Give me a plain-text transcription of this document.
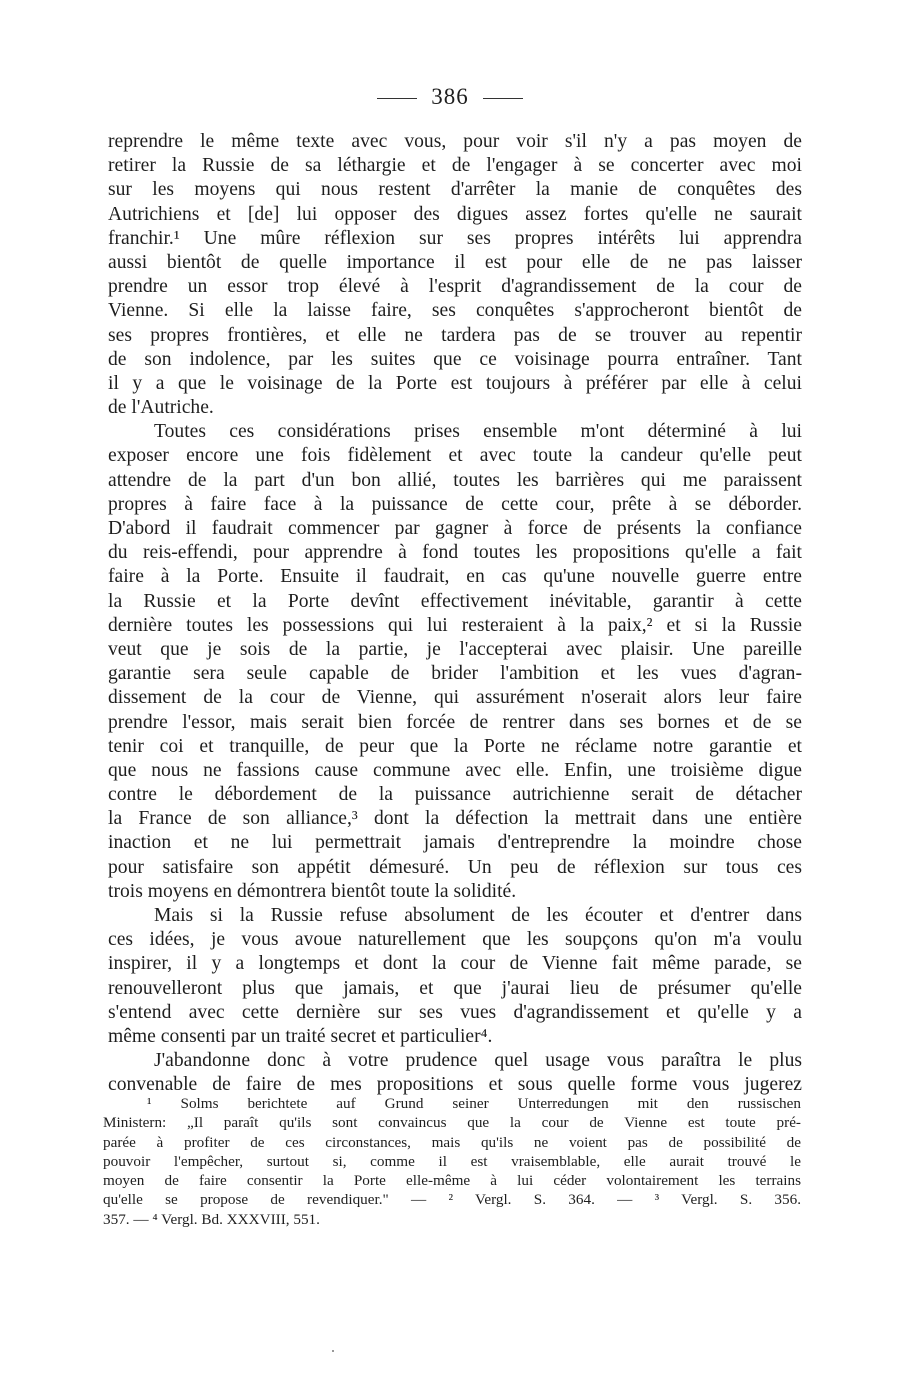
386
reprendre le même texte avec vous, pour voir s'il n'y a pas moyen de
retirer la Russie de sa léthargie et de l'engager à se concerter avec moi
sur les moyens qui nous restent d'arrêter la manie de conquêtes des
Autrichiens et [de] lui opposer des digues assez fortes qu'elle ne saurait
franchir.¹ Une mûre réflexion sur ses propres intérêts lui apprendra
aussi bientôt de quelle importance il est pour elle de ne pas laisser
prendre un essor trop élevé à l'esprit d'agrandissement de la cour de
Vienne. Si elle la laisse faire, ses conquêtes s'approcheront bientôt de
ses propres frontières, et elle ne tardera pas de se trouver au repentir
de son indolence, par les suites que ce voisinage pourra entraîner. Tant
il y a que le voisinage de la Porte est toujours à préférer par elle à celui
de l'Autriche.
Toutes ces considérations prises ensemble m'ont déterminé à lui
exposer encore une fois fidèlement et avec toute la candeur qu'elle peut
attendre de la part d'un bon allié, toutes les barrières qui me paraissent
propres à faire face à la puissance de cette cour, prête à se déborder.
D'abord il faudrait commencer par gagner à force de présents la confiance
du reis-effendi, pour apprendre à fond toutes les propositions qu'elle a fait
faire à la Porte. Ensuite il faudrait, en cas qu'une nouvelle guerre entre
la Russie et la Porte devînt effectivement inévitable, garantir à cette
dernière toutes les possessions qui lui resteraient à la paix,² et si la Russie
veut que je sois de la partie, je l'accepterai avec plaisir. Une pareille
garantie sera seule capable de brider l'ambition et les vues d'agran-
dissement de la cour de Vienne, qui assurément n'oserait alors leur faire
prendre l'essor, mais serait bien forcée de rentrer dans ses bornes et de se
tenir coi et tranquille, de peur que la Porte ne réclame notre garantie et
que nous ne fassions cause commune avec elle. Enfin, une troisième digue
contre le débordement de la puissance autrichienne serait de détacher
la France de son alliance,³ dont la défection la mettrait dans une entière
inaction et ne lui permettrait jamais d'entreprendre la moindre chose
pour satisfaire son appétit démesuré. Un peu de réflexion sur tous ces
trois moyens en démontrera bientôt toute la solidité.
Mais si la Russie refuse absolument de les écouter et d'entrer dans
ces idées, je vous avoue naturellement que les soupçons qu'on m'a voulu
inspirer, il y a longtemps et dont la cour de Vienne fait même parade, se
renouvelleront plus que jamais, et que j'aurai lieu de présumer qu'elle
s'entend avec cette dernière sur ses vues d'agrandissement et qu'elle y a
même consenti par un traité secret et particulier⁴.
J'abandonne donc à votre prudence quel usage vous paraîtra le plus
convenable de faire de mes propositions et sous quelle forme vous jugerez
¹ Solms berichtete auf Grund seiner Unterredungen mit den russischen
Ministern: „Il paraît qu'ils sont convaincus que la cour de Vienne est toute pré-
parée à profiter de ces circonstances, mais qu'ils ne voient pas de possibilité de
pouvoir l'empêcher, surtout si, comme il est vraisemblable, elle aurait trouvé le
moyen de faire consentir la Porte elle-même à lui céder volontairement les terrains
qu'elle se propose de revendiquer." — ² Vergl. S. 364. — ³ Vergl. S. 356.
357. — ⁴ Vergl. Bd. XXXVIII, 551.
